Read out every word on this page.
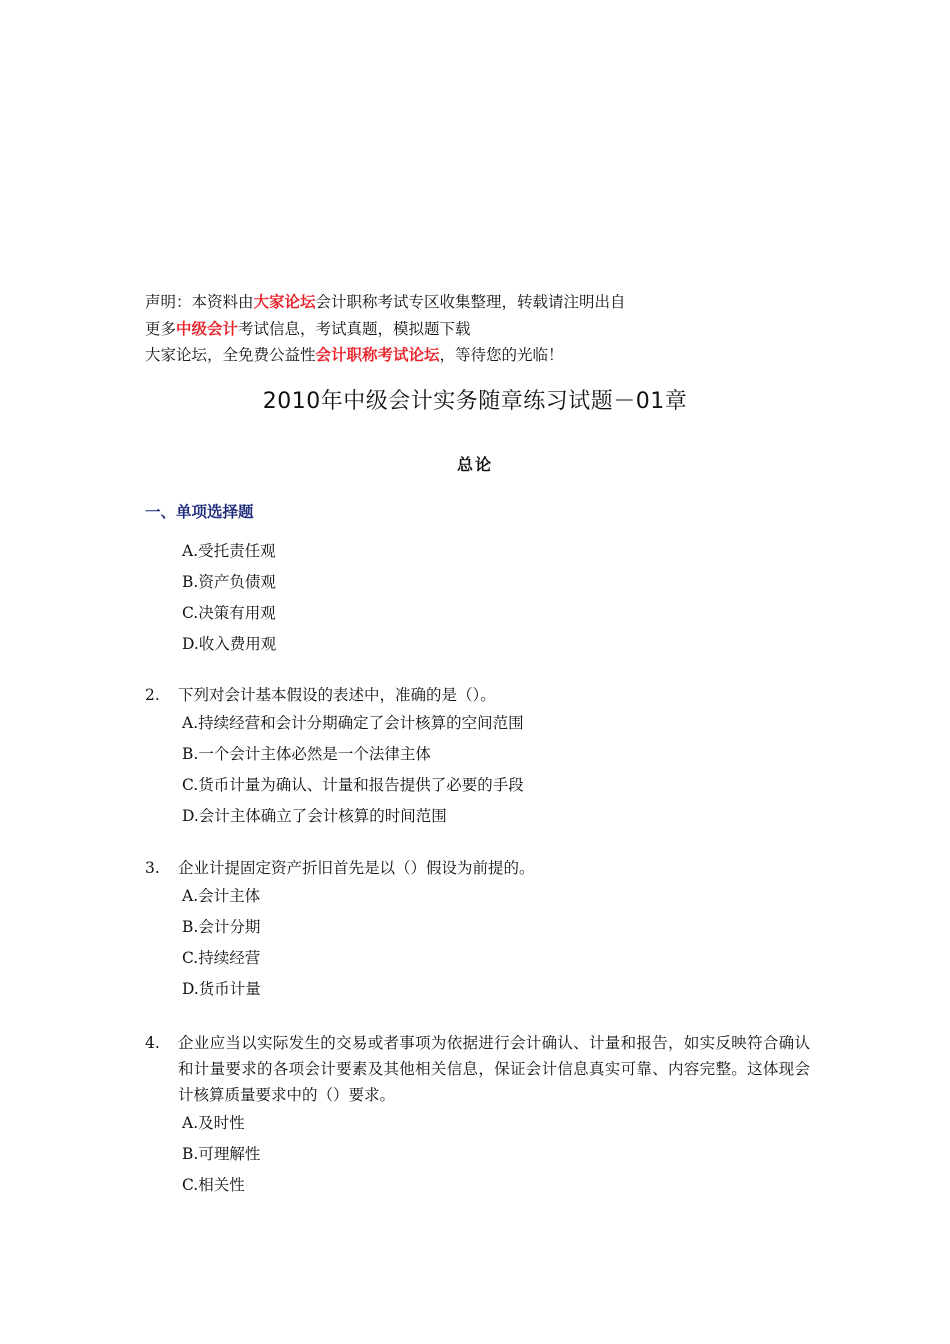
声明：本资料由大家论坛会计职称考试专区收集整理，转载请注明出自
更多中级会计考试信息，考试真题，模拟题下载
大家论坛，全免费公益性会计职称考试论坛，等待您的光临！
2010年中级会计实务随章练习试题－01章
总论
一、单项选择题
A.受托责任观
B.资产负债观
C.决策有用观
D.收入费用观
2.	下列对会计基本假设的表述中，准确的是（）。
A.持续经营和会计分期确定了会计核算的空间范围
B.一个会计主体必然是一个法律主体
C.货币计量为确认、计量和报告提供了必要的手段
D.会计主体确立了会计核算的时间范围
3.	企业计提固定资产折旧首先是以（）假设为前提的。
A.会计主体
B.会计分期
C.持续经营
D.货币计量
4.	企业应当以实际发生的交易或者事项为依据进行会计确认、计量和报告，如实反映符合确认和计量要求的各项会计要素及其他相关信息，保证会计信息真实可靠、内容完整。这体现会计核算质量要求中的（）要求。
A.及时性
B.可理解性
C.相关性
